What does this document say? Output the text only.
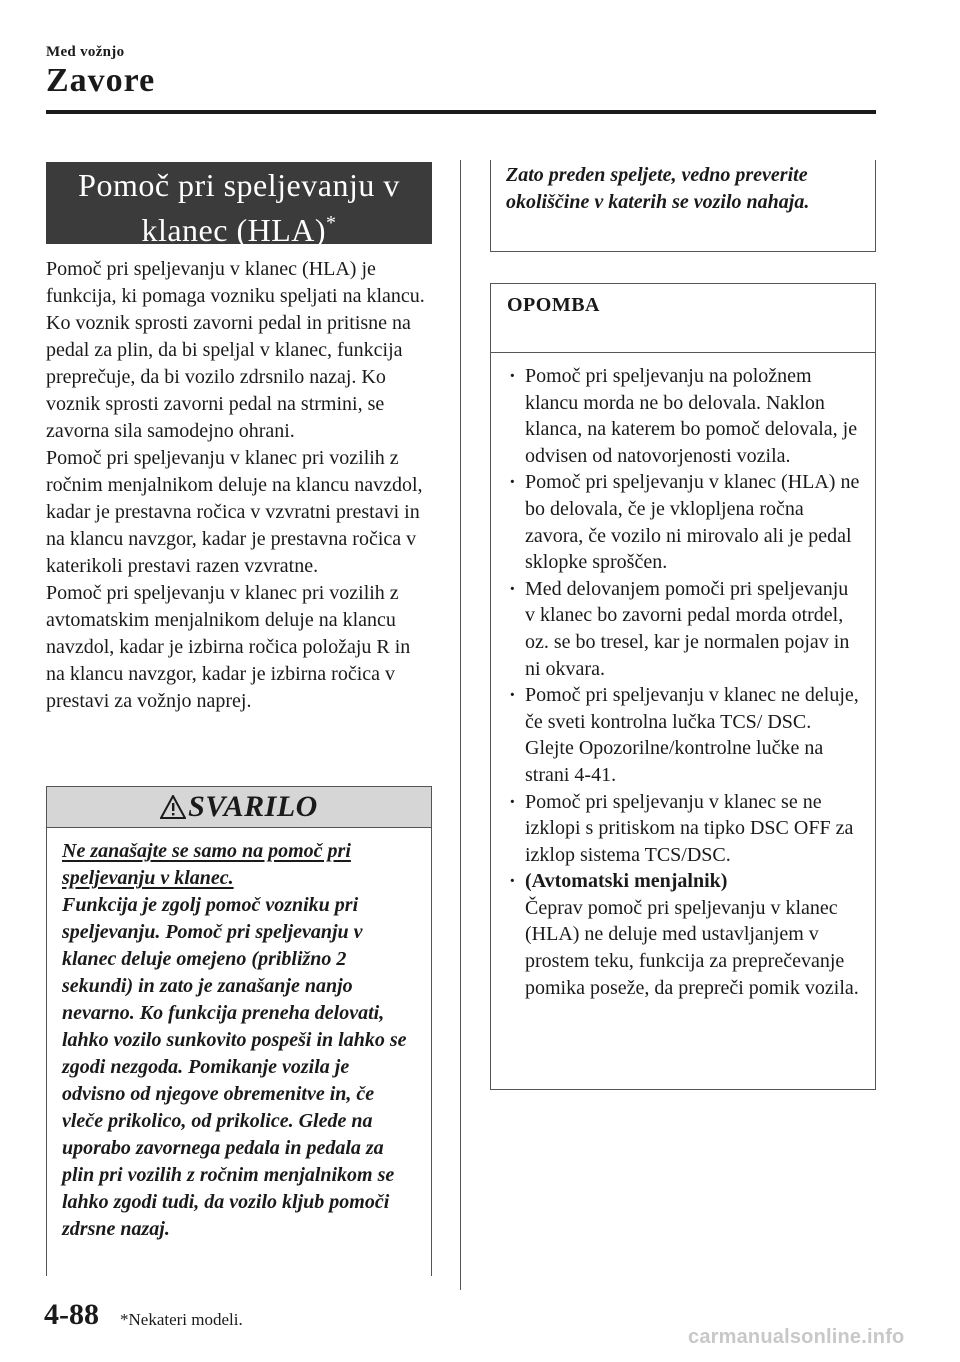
Med vožnjo
Zavore
Pomoč pri speljevanju v klanec (HLA)*

Pomoč pri speljevanju v klanec (HLA) je funkcija, ki pomaga vozniku speljati na klancu. Ko voznik sprosti zavorni pedal in pritisne na pedal za plin, da bi speljal v klanec, funkcija preprečuje, da bi vozilo zdrsnilo nazaj. Ko voznik sprosti zavorni pedal na strmini, se zavorna sila samodejno ohrani.

Pomoč pri speljevanju v klanec pri vozilih z ročnim menjalnikom deluje na klancu navzdol, kadar je prestavna ročica v vzvratni prestavi in na klancu navzgor, kadar je prestavna ročica v katerikoli prestavi razen vzvratne.

Pomoč pri speljevanju v klanec pri vozilih z avtomatskim menjalnikom deluje na klancu navzdol, kadar je izbirna ročica položaju R in na klancu navzgor, kadar je izbirna ročica v prestavi za vožnjo naprej.

SVARILO
Ne zanašajte se samo na pomoč pri speljevanju v klanec.
Funkcija je zgolj pomoč vozniku pri speljevanju. Pomoč pri speljevanju v klanec deluje omejeno (približno 2 sekundi) in zato je zanašanje nanjo nevarno. Ko funkcija preneha delovati, lahko vozilo sunkovito pospeši in lahko se zgodi nezgoda. Pomikanje vozila je odvisno od njegove obremenitve in, če vleče prikolico, od prikolice. Glede na uporabo zavornega pedala in pedala za plin pri vozilih z ročnim menjalnikom se lahko zgodi tudi, da vozilo kljub pomoči zdrsne nazaj.
Zato preden speljete, vedno preverite okoliščine v katerih se vozilo nahaja.
OPOMBA
· Pomoč pri speljevanju na položnem klancu morda ne bo delovala. Naklon klanca, na katerem bo pomoč delovala, je odvisen od natovorjenosti vozila.
· Pomoč pri speljevanju v klanec (HLA) ne bo delovala, če je vklopljena ročna zavora, če vozilo ni mirovalo ali je pedal sklopke sproščen.
· Med delovanjem pomoči pri speljevanju v klanec bo zavorni pedal morda otrdel, oz. se bo tresel, kar je normalen pojav in ni okvara.
· Pomoč pri speljevanju v klanec ne deluje, če sveti kontrolna lučka TCS/ DSC.
Glejte Opozorilne/kontrolne lučke na strani 4-41.
· Pomoč pri speljevanju v klanec se ne izklopi s pritiskom na tipko DSC OFF za izklop sistema TCS/DSC.
· (Avtomatski menjalnik)
Čeprav pomoč pri speljevanju v klanec (HLA) ne deluje med ustavljanjem v prostem teku, funkcija za preprečevanje pomika poseže, da prepreči pomik vozila.
4-88 *Nekateri modeli.
carmanualsonline.info
